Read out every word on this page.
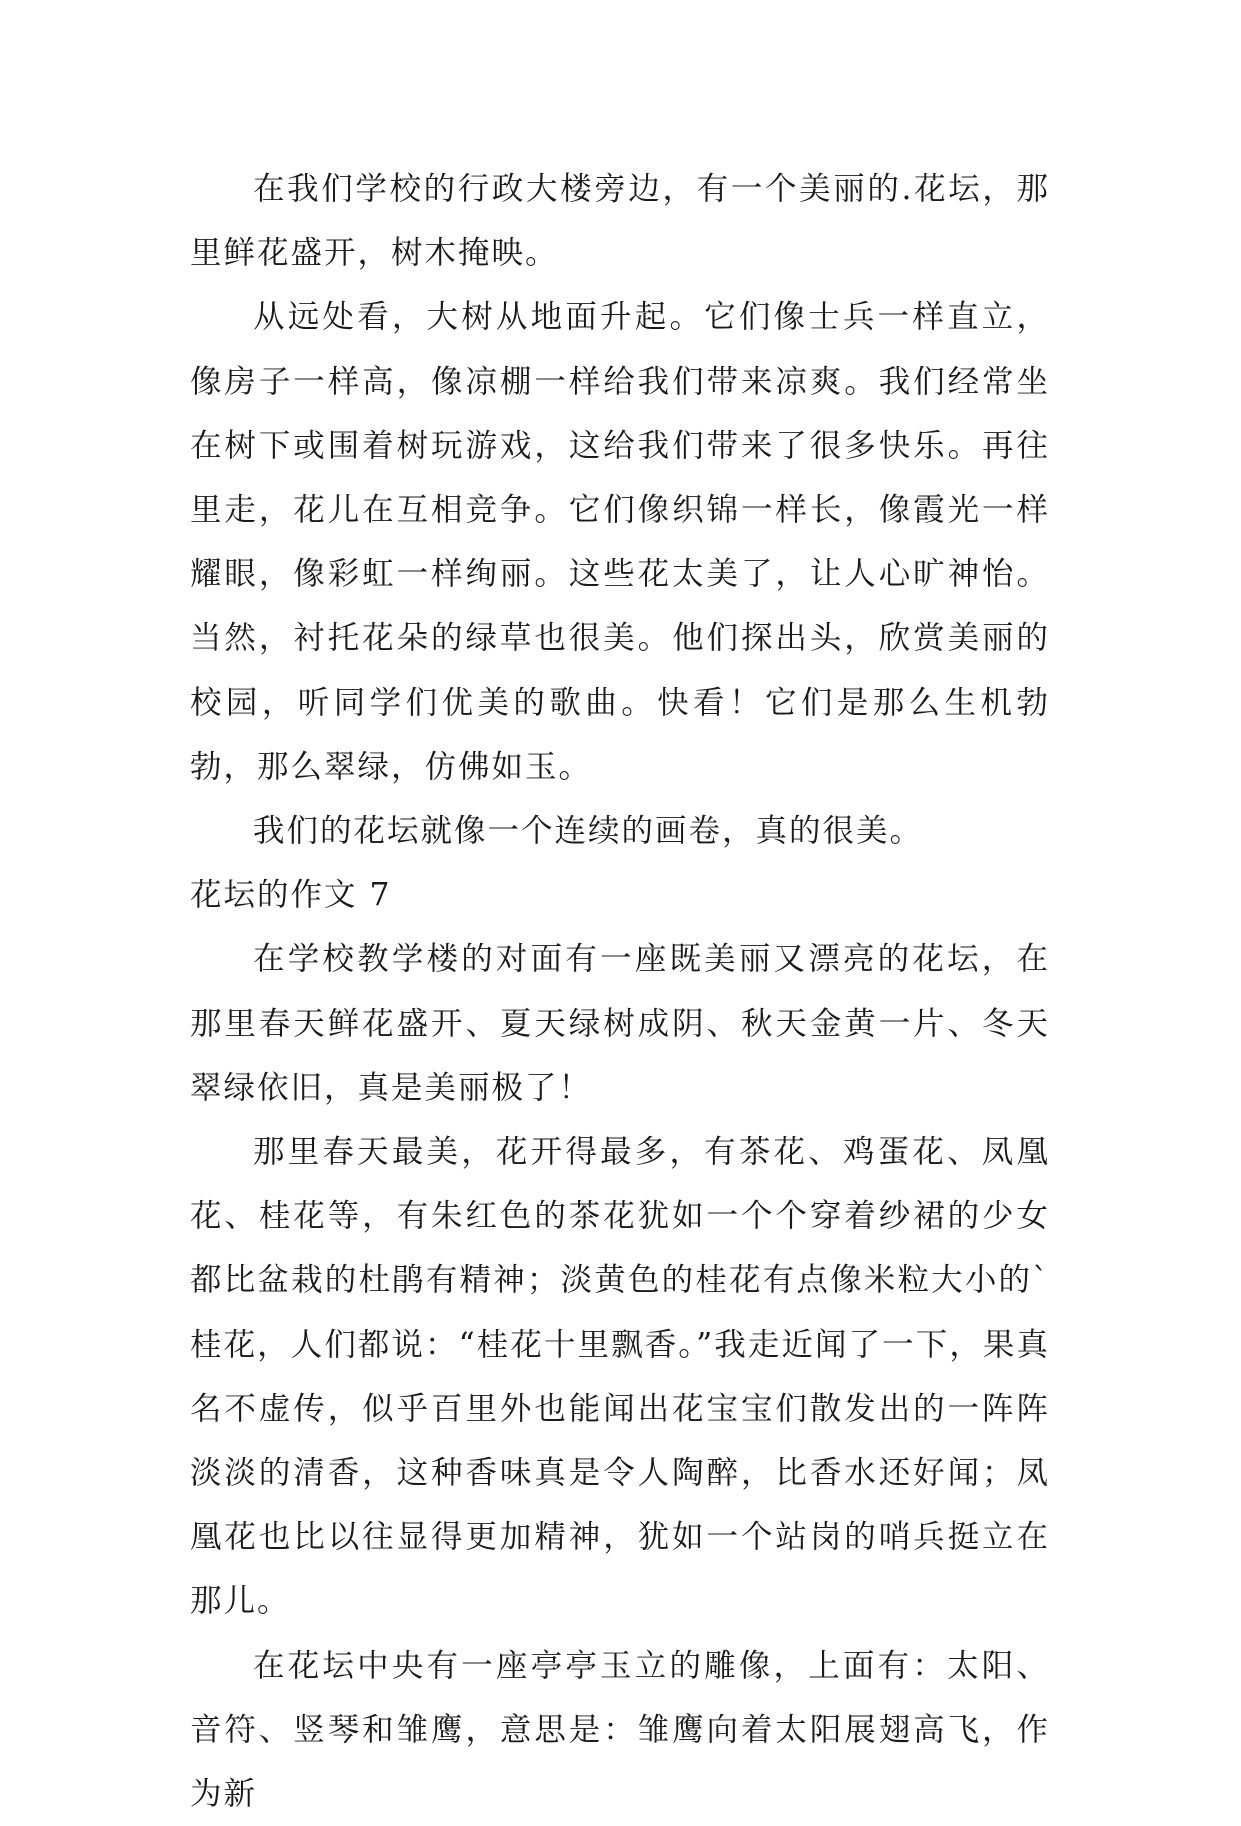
在我们学校的行政大楼旁边，有一个美丽的.花坛，那里鲜花盛开，树木掩映。

从远处看，大树从地面升起。它们像士兵一样直立，像房子一样高，像凉棚一样给我们带来凉爽。我们经常坐在树下或围着树玩游戏，这给我们带来了很多快乐。再往里走，花儿在互相竞争。它们像织锦一样长，像霞光一样耀眼，像彩虹一样绚丽。这些花太美了，让人心旷神怡。当然，衬托花朵的绿草也很美。他们探出头，欣赏美丽的校园，听同学们优美的歌曲。快看！它们是那么生机勃勃，那么翠绿，仿佛如玉。

我们的花坛就像一个连续的画卷，真的很美。

花坛的作文 7

在学校教学楼的对面有一座既美丽又漂亮的花坛，在那里春天鲜花盛开、夏天绿树成阴、秋天金黄一片、冬天翠绿依旧，真是美丽极了！

那里春天最美，花开得最多，有茶花、鸡蛋花、凤凰花、桂花等，有朱红色的茶花犹如一个个穿着纱裙的少女都比盆栽的杜鹃有精神；淡黄色的桂花有点像米粒大小的`桂花，人们都说：“桂花十里飘香。”我走近闻了一下，果真名不虚传，似乎百里外也能闻出花宝宝们散发出的一阵阵淡淡的清香，这种香味真是令人陶醉，比香水还好闻；凤凰花也比以往显得更加精神，犹如一个站岗的哨兵挺立在那儿。

在花坛中央有一座亭亭玉立的雕像，上面有：太阳、音符、竖琴和雏鹰，意思是：雏鹰向着太阳展翅高飞，作为新
